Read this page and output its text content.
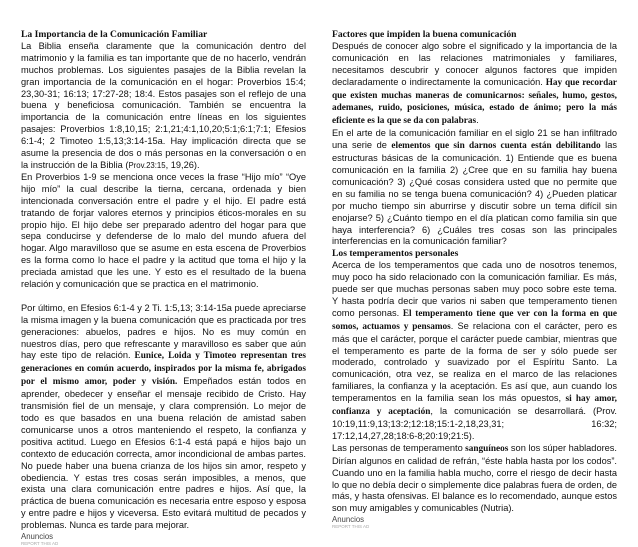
La Importancia de la Comunicación Familiar

La Biblia enseña claramente que la comunicación dentro del matrimonio y la familia es tan importante que de no hacerlo, vendrán muchos problemas. Los siguientes pasajes de la Biblia revelan la gran importancia de la comunicación en el hogar: Proverbios 15:4; 23,30-31; 16:13; 17:27-28; 18:4. Estos pasajes son el reflejo de una buena y beneficiosa comunicación. También se encuentra la importancia de la comunicación entre líneas en los siguientes pasajes: Proverbios 1:8,10,15; 2:1,21;4:1,10,20;5:1;6:1;7:1; Efesios 6:1-4; 2 Timoteo 1:5,13;3:14-15a. Hay implicación directa que se asume la presencia de dos o más personas en la conversación o en la instrucción de la Biblia (Prov.23:15, 19,26).

En Proverbios 1-9 se menciona once veces la frase “Hijo mío” “Oye hijo mío” la cual describe la tierna, cercana, ordenada y bien intencionada conversación entre el padre y el hijo. El padre está tratando de forjar valores eternos y principios éticos-morales en su propio hijo. El hijo debe ser preparado adentro del hogar para que sepa conducirse y defenderse de lo malo del mundo afuera del hogar. Algo maravilloso que se asume en esta escena de Proverbios es la forma como lo hace el padre y la actitud que toma el hijo y la preciada amistad que les une. Y esto es el resultado de la buena relación y comunicación que se practica en el matrimonio.

Por último, en Efesios 6:1-4 y 2 Ti. 1:5,13; 3:14-15a puede apreciarse la misma imagen y la buena comunicación que es practicada por tres generaciones: abuelos, padres e hijos. No es muy común en nuestros días, pero que refrescante y maravilloso es saber que aún hay este tipo de relación. Eunice, Loida y Timoteo representan tres generaciones en común acuerdo, inspirados por la misma fe, abrigados por el mismo amor, poder y visión. Empeñados están todos en aprender, obedecer y enseñar el mensaje recibido de Cristo. Hay transmisión fiel de un mensaje, y clara comprensión. Lo mejor de todo es que basados en una buena relación de amistad saben comunicarse unos a otros manteniendo el respeto, la confianza y positiva actitud. Luego en Efesios 6:1-4 está papá e hijos bajo un contexto de educación correcta, amor incondicional de ambas partes. No puede haber una buena crianza de los hijos sin amor, respeto y obediencia. Y estas tres cosas serán imposibles, a menos, que exista una clara comunicación entre padres e hijos. Así que, la práctica de buena comunicación es necesaria entre esposo y esposa y entre padre e hijos y viceversa. Esto evitará multitud de pecados y problemas. Nunca es tarde para mejorar.

Anuncios
REPORT THIS AD

Factores que impiden la buena comunicación

Después de conocer algo sobre el significado y la importancia de la comunicación en las relaciones matrimoniales y familiares, necesitamos descubrir y conocer algunos factores que impiden declaradamente o indirectamente la comunicación. Hay que recordar que existen muchas maneras de comunicarnos: señales, humo, gestos, ademanes, ruido, posiciones, música, estado de ánimo; pero la más eficiente es la que se da con palabras.

En el arte de la comunicación familiar en el siglo 21 se han infiltrado una serie de elementos que sin darnos cuenta están debilitando las estructuras básicas de la comunicación. 1) Entiende que es buena comunicación en la familia 2) ¿Cree que en su familia hay buena comunicación? 3) ¿Qué cosas considera usted que no permite que en su familia no se tenga buena comunicación? 4) ¿Pueden platicar por mucho tiempo sin aburrirse y discutir sobre un tema difícil sin enojarse? 5) ¿Cuánto tiempo en el día platican como familia sin que haya interferencia? 6) ¿Cuáles tres cosas son las principales interferencias en la comunicación familiar?

Los temperamentos personales

Acerca de los temperamentos que cada uno de nosotros tenemos, muy poco ha sido relacionado con la comunicación familiar. Es más, puede ser que muchas personas saben muy poco sobre este tema. Y hasta podría decir que varios ni saben que temperamento tienen como personas. El temperamento tiene que ver con la forma en que somos, actuamos y pensamos. Se relaciona con el carácter, pero es más que el carácter, porque el carácter puede cambiar, mientras que el temperamento es parte de la forma de ser y sólo puede ser moderado, controlado y suavizado por el Espíritu Santo. La comunicación, otra vez, se realiza en el marco de las relaciones familiares, la confianza y la aceptación. Es así que, aun cuando los temperamentos en la familia sean los más opuestos, si hay amor, confianza y aceptación, la comunicación se desarrollará. (Prov. 10:19,11:9,13;13:2;12:18;15:1-2,18,23,31; 16:32; 17:12,14,27,28;18:6-8;20:19;21:5).

Las personas de temperamento sanguíneos son los súper habladores. Dirían algunos en calidad de refrán, “éste habla hasta por los codos”. Cuando uno en la familia habla mucho, corre el riesgo de decir hasta lo que no debía decir o simplemente dice palabras fuera de orden, de más, y hasta ofensivas. El balance es lo recomendado, aunque estos son muy amigables y comunicables (Nutria).

Anuncios
REPORT THIS AD
